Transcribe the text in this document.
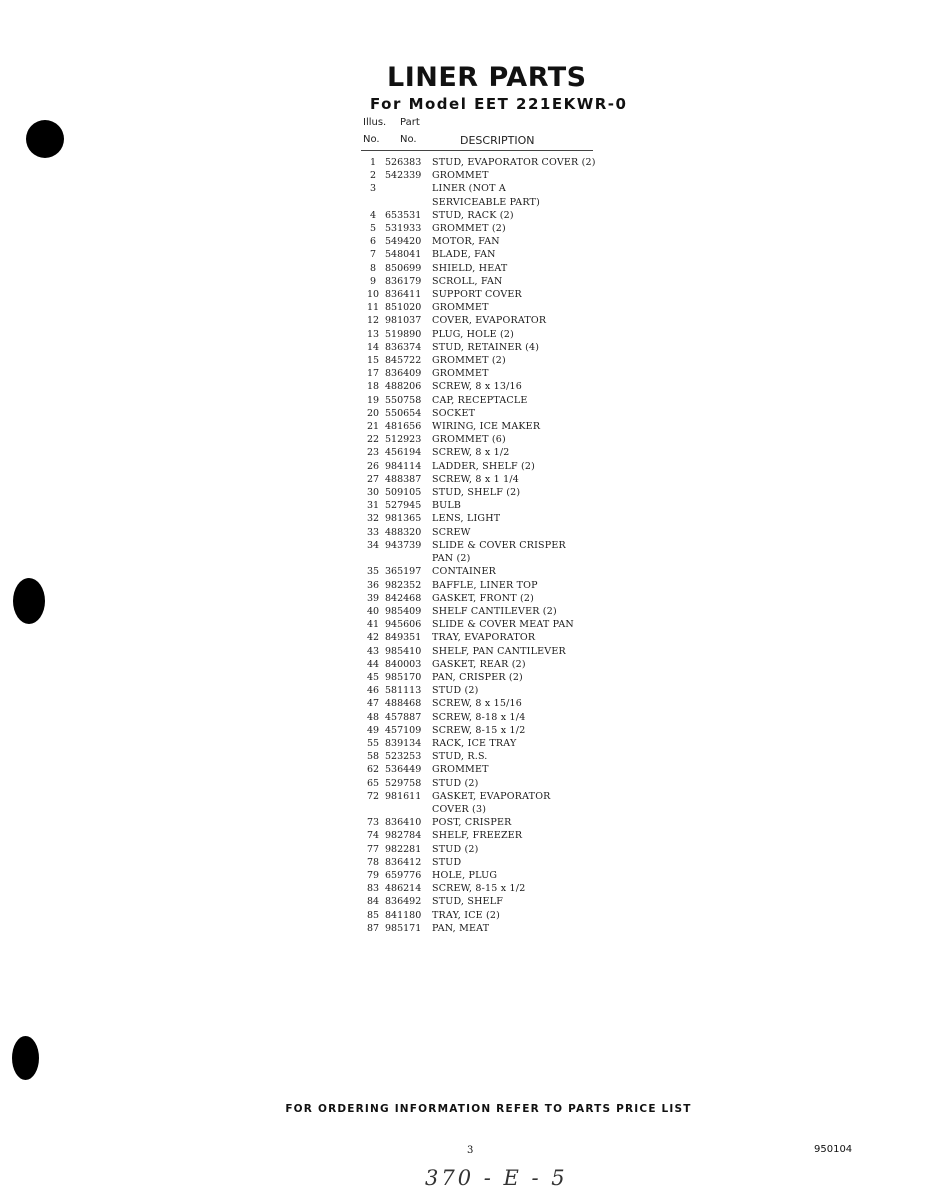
LINER PARTS
For Model EET 221EKWR-0
Illus. Part
No. No.	DESCRIPTION
1 526383	STUD, EVAPORATOR COVER (2)
2 542339	GROMMET
3	LINER (NOT A
SERVICEABLE PART)
4 653531	STUD, RACK (2)
5 531933	GROMMET (2)
6 549420	MOTOR, FAN
7 548041	BLADE, FAN
8 850699	SHIELD, HEAT
9 836179	SCROLL, FAN
10 836411	SUPPORT COVER
11 851020	GROMMET
12 981037	COVER, EVAPORATOR
13 519890	PLUG, HOLE (2)
14 836374	STUD, RETAINER (4)
15 845722	GROMMET (2)
17 836409	GROMMET
18 488206	SCREW, 8 x 13/16
19 550758	CAP, RECEPTACLE
20 550654	SOCKET
21 481656	WIRING, ICE MAKER
22 512923	GROMMET (6)
23 456194	SCREW, 8 x 1/2
26 984114	LADDER, SHELF (2)
27 488387	SCREW, 8 x 1 1/4
30 509105	STUD, SHELF (2)
31 527945	BULB
32 981365	LENS, LIGHT
33 488320	SCREW
34 943739	SLIDE & COVER CRISPER
PAN (2)
35 365197	CONTAINER
36 982352	BAFFLE, LINER TOP
39 842468	GASKET, FRONT (2)
40 985409	SHELF CANTILEVER (2)
41 945606	SLIDE & COVER MEAT PAN
42 849351	TRAY, EVAPORATOR
43 985410	SHELF, PAN CANTILEVER
44 840003	GASKET, REAR (2)
45 985170	PAN, CRISPER (2)
46 581113	STUD (2)
47 488468	SCREW, 8 x 15/16
48 457887	SCREW, 8-18 x 1/4
49 457109	SCREW, 8-15 x 1/2
55 839134	RACK, ICE TRAY
58 523253	STUD, R.S.
62 536449	GROMMET
65 529758	STUD (2)
72 981611	GASKET, EVAPORATOR
COVER (3)
73 836410	POST, CRISPER
74 982784	SHELF, FREEZER
77 982281	STUD (2)
78 836412	STUD
79 659776	HOLE, PLUG
83 486214	SCREW, 8-15 x 1/2
84 836492	STUD, SHELF
85 841180	TRAY, ICE (2)
87 985171	PAN, MEAT

FOR ORDERING INFORMATION REFER TO PARTS PRICE LIST

3	950104
370 - E - 5
